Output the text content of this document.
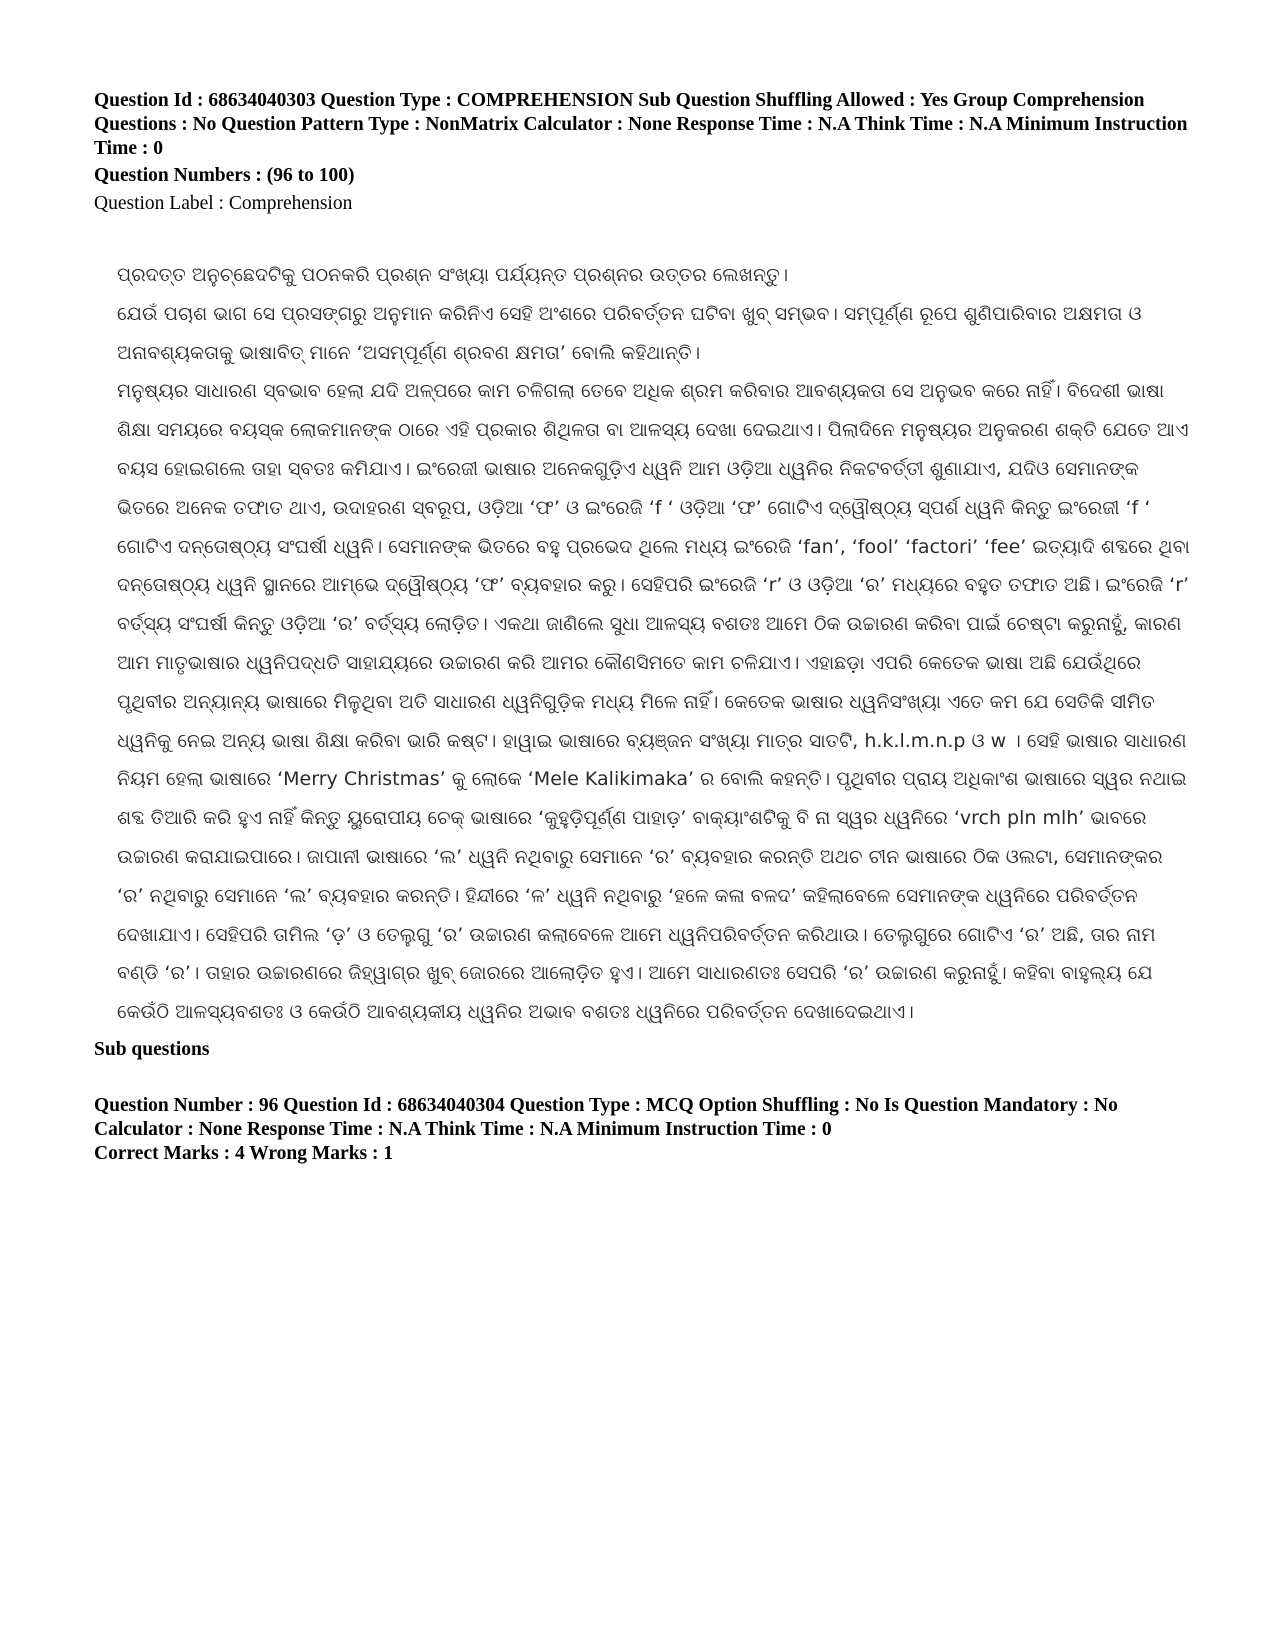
Question Id : 68634040303 Question Type : COMPREHENSION Sub Question Shuffling Allowed : Yes Group Comprehension Questions : No Question Pattern Type : NonMatrix Calculator : None Response Time : N.A Think Time : N.A Minimum Instruction Time : 0

Question Numbers : (96 to 100)

Question Label : Comprehension

ପ୍ରଦତ୍ତ ଅନୁଚ୍ଛେଦଟିକୁ ପଠନକରି ପ୍ରଶ୍ନ ସଂଖ୍ୟା ପର୍ଯ୍ୟନ୍ତ ପ୍ରଶ୍ନର ଉତ୍ତର ଲେଖନ୍ତୁ।

ଯେଉଁ ପଚାଶ ଭାଗ ସେ ପ୍ରସଙ୍ଗରୁ ଅନୁମାନ କରିନିଏ ସେହି ଅଂଶରେ ପରିବର୍ତ୍ତନ ଘଟିବା ଖୁବ୍ ସମ୍ଭବ। ସମ୍ପୂର୍ଣ୍ଣ ରୂପେ ଶୁଣିପାରିବାର ଅକ୍ଷମତା ଓ ଅନାବଶ୍ୟକତାକୁ ଭାଷାବିତ୍ ମାନେ ‘ଅସମ୍ପୂର୍ଣ୍ଣ ଶ୍ରବଣ କ୍ଷମତା’ ବୋଲି କହିଥାନ୍ତି।

ମନୁଷ୍ୟର ସାଧାରଣ ସ୍ବଭାବ ହେଲା ଯଦି ଅଳ୍ପରେ କାମ ଚଳିଗଲା ତେବେ ଅଧିକ ଶ୍ରମ କରିବାର ଆବଶ୍ୟକତା ସେ ଅନୁଭବ କରେ ନାହିଁ। ବିଦେଶୀ ଭାଷା ଶିକ୍ଷା ସମୟରେ ବୟସ୍କ ଲୋକମାନଙ୍କ ଠାରେ ଏହି ପ୍ରକାର ଶିଥିଳତା ବା ଆଳସ୍ୟ ଦେଖା ଦେଇଥାଏ। ପିଲାଦିନେ ମନୁଷ୍ୟର ଅନୁକରଣ ଶକ୍ତି ଯେତେ ଆଏ ବୟସ ହୋଇଗଲେ ତାହା ସ୍ବତଃ କମିଯାଏ। ଇଂରେଜୀ ଭାଷାର ଅନେକଗୁଡ଼ିଏ ଧ୍ୱନି ଆମ ଓଡ଼ିଆ ଧ୍ୱନିର ନିକଟବର୍ତ୍ତୀ ଶୁଣାଯାଏ, ଯଦିଓ ସେମାନଙ୍କ ଭିତରେ ଅନେକ ତଫାତ ଥାଏ, ଉଦାହରଣ ସ୍ବରୂପ, ଓଡ଼ିଆ ‘ଫ’ ଓ ଇଂରେଜି ‘f ‘ ଓଡ଼ିଆ ‘ଫ’ ଗୋଟିଏ ଦ୍ୱୌଷ୍ଠ୍ୟ ସ୍ପର୍ଶ ଧ୍ୱନି କିନ୍ତୁ ଇଂରେଜୀ ‘f ‘ ଗୋଟିଏ ଦନ୍ତୋଷ୍ଠ୍ୟ ସଂଘର୍ଷୀ ଧ୍ୱନି। ସେମାନଙ୍କ ଭିତରେ ବହୁ ପ୍ରଭେଦ ଥିଲେ ମଧ୍ୟ ଇଂରେଜି ‘fan’, ‘fool’ ‘factori’ ‘fee’ ଇତ୍ୟାଦି ଶବ୍ଦରେ ଥିବା ଦନ୍ତୋଷ୍ଠ୍ୟ ଧ୍ୱନି ସ୍ଥାନରେ ଆମ୍ଭେ ଦ୍ୱୌଷ୍ଠ୍ୟ ‘ଫ’ ବ୍ୟବହାର କରୁ। ସେହିପରି ଇଂରେଜି ‘r’ ଓ ଓଡ଼ିଆ ‘ର’ ମଧ୍ୟରେ ବହୁତ ତଫାତ ଅଛି। ଇଂରେଜି ‘r’ ବର୍ତ୍ସ୍ୟ ସଂଘର୍ଷୀ କିନ୍ତୁ ଓଡ଼ିଆ ‘ର’ ବର୍ତ୍ସ୍ୟ ଲୋଡ଼ିତ। ଏକଥା ଜାଣିଲେ ସୁଧା ଆଳସ୍ୟ ବଶତଃ ଆମେ ଠିକ ଉଚ୍ଚାରଣ କରିବା ପାଇଁ ଚେଷ୍ଟା କରୁନାହୁଁ, କାରଣ ଆମ ମାତୃଭାଷାର ଧ୍ୱନିପଦ୍ଧତି ସାହାଯ୍ୟରେ ଉଚ୍ଚାରଣ କରି ଆମର କୌଣସିମତେ କାମ ଚଳିଯାଏ। ଏହାଛଡ଼ା ଏପରି କେତେକ ଭାଷା ଅଛି ଯେଉଁଥିରେ ପୃଥିବୀର ଅନ୍ୟାନ୍ୟ ଭାଷାରେ ମିଳୁଥିବା ଅତି ସାଧାରଣ ଧ୍ୱନିଗୁଡ଼ିକ ମଧ୍ୟ ମିଳେ ନାହିଁ। କେତେକ ଭାଷାର ଧ୍ୱନିସଂଖ୍ୟା ଏତେ କମ ଯେ ସେତିକି ସୀମିତ ଧ୍ୱନିକୁ ନେଇ ଅନ୍ୟ ଭାଷା ଶିକ୍ଷା କରିବା ଭାରି କଷ୍ଟ। ହାୱାଇ ଭାଷାରେ ବ୍ୟଞ୍ଜନ ସଂଖ୍ୟା ମାତ୍ର ସାତଟି, h.k.l.m.n.p ଓ w । ସେହି ଭାଷାର ସାଧାରଣ ନିୟମ ହେଲା ଭାଷାରେ ‘Merry Christmas’ କୁ ଲୋକେ ‘Mele Kalikimaka’ ର ବୋଲି କହନ୍ତି। ପୃଥିବୀର ପ୍ରାୟ ଅଧିକାଂଶ ଭାଷାରେ ସ୍ୱର ନଥାଇ ଶବ୍ଦ ତିଆରି କରି ହୁଏ ନାହିଁ କିନ୍ତୁ ୟୁରୋପୀୟ ଚେକ୍ ଭାଷାରେ ‘କୁହୁଡ଼ିପୂର୍ଣ୍ଣ ପାହାଡ଼’ ବାକ୍ୟାଂଶଟିକୁ ବି ନା ସ୍ୱର ଧ୍ୱନିରେ ‘vrch pln mlh’ ଭାବରେ ଉଚ୍ଚାରଣ କରାଯାଇପାରେ। ଜାପାନୀ ଭାଷାରେ ‘ଲ’ ଧ୍ୱନି ନଥିବାରୁ ସେମାନେ ‘ର’ ବ୍ୟବହାର କରନ୍ତି ଅଥଚ ଚୀନ ଭାଷାରେ ଠିକ ଓଲଟା, ସେମାନଙ୍କର ‘ର’ ନଥିବାରୁ ସେମାନେ ‘ଲ’ ବ୍ୟବହାର କରନ୍ତି। ହିନ୍ଦୀରେ ‘ଳ’ ଧ୍ୱନି ନଥିବାରୁ ‘ହଳେ କଳା ବଳଦ’ କହିଲାବେଳେ ସେମାନଙ୍କ ଧ୍ୱନିରେ ପରିବର୍ତ୍ତନ ଦେଖାଯାଏ। ସେହିପରି ତାମିଲ ‘ଡ଼’ ଓ ତେଲୁଗୁ ‘ର’ ଉଚ୍ଚାରଣ କଲାବେଳେ ଆମେ ଧ୍ୱନିପରିବର୍ତ୍ତନ କରିଥାଉ। ତେଲୁଗୁରେ ଗୋଟିଏ ‘ର’ ଅଛି, ତାର ନାମ ବଣ୍ଡି ‘ର’। ତାହାର ଉଚ୍ଚାରଣରେ ଜିହ୍ୱାଗ୍ର ଖୁବ୍ ଜୋରରେ ଆଲୋଡ଼ିତ ହୁଏ। ଆମେ ସାଧାରଣତଃ ସେପରି ‘ର’ ଉଚ୍ଚାରଣ କରୁନାହୁଁ। କହିବା ବାହୁଲ୍ୟ ଯେ କେଉଁଠି ଆଳସ୍ୟବଶତଃ ଓ କେଉଁଠି ଆବଶ୍ୟକୀୟ ଧ୍ୱନିର ଅଭାବ ବଶତଃ ଧ୍ୱନିରେ ପରିବର୍ତ୍ତନ ଦେଖାଦେଇଥାଏ।

Sub questions

Question Number : 96 Question Id : 68634040304 Question Type : MCQ Option Shuffling : No Is Question Mandatory : No Calculator : None Response Time : N.A Think Time : N.A Minimum Instruction Time : 0

Correct Marks : 4 Wrong Marks : 1
